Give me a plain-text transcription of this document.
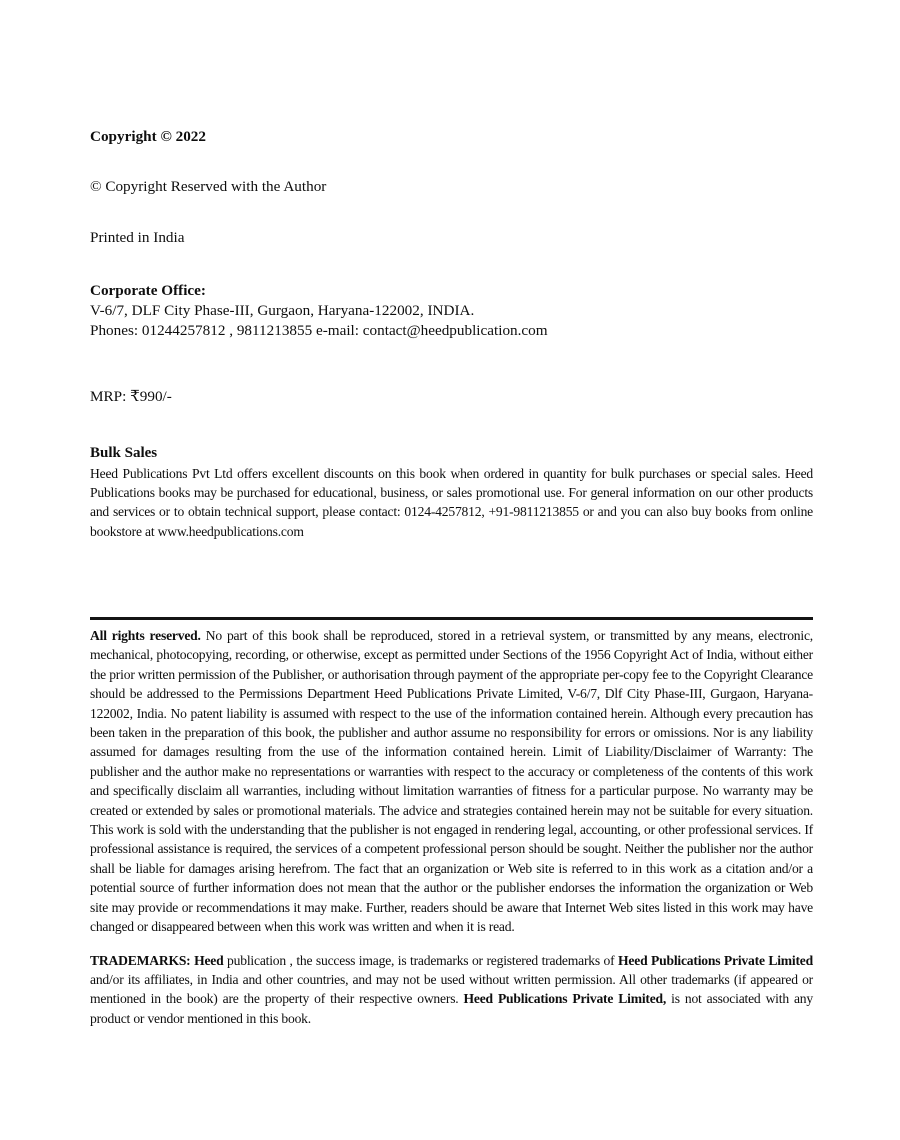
Copyright © 2022

© Copyright Reserved with the Author

Printed in India

Corporate Office:
V-6/7, DLF City Phase-III, Gurgaon, Haryana-122002, INDIA.
Phones: 01244257812 , 9811213855 e-mail: contact@heedpublication.com

MRP: ₹990/-

Bulk Sales

Heed Publications Pvt Ltd offers excellent discounts on this book when ordered in quantity for bulk purchases or special sales. Heed Publications books may be purchased for educational, business, or sales promotional use. For general information on our other products and services or to obtain technical support, please contact: 0124-4257812, +91-9811213855 or and you can also buy books from online bookstore at www.heedpublications.com

All rights reserved. No part of this book shall be reproduced, stored in a retrieval system, or transmitted by any means, electronic, mechanical, photocopying, recording, or otherwise, except as permitted under Sections of the 1956 Copyright Act of India, without either the prior written permission of the Publisher, or authorisation through payment of the appropriate per-copy fee to the Copyright Clearance should be addressed to the Permissions Department Heed Publications Private Limited, V-6/7, Dlf City Phase-III, Gurgaon, Haryana-122002, India. No patent liability is assumed with respect to the use of the information contained herein. Although every precaution has been taken in the preparation of this book, the publisher and author assume no responsibility for errors or omissions. Nor is any liability assumed for damages resulting from the use of the information contained herein. Limit of Liability/Disclaimer of Warranty: The publisher and the author make no representations or warranties with respect to the accuracy or completeness of the contents of this work and specifically disclaim all warranties, including without limitation warranties of fitness for a particular purpose. No warranty may be created or extended by sales or promotional materials. The advice and strategies contained herein may not be suitable for every situation. This work is sold with the understanding that the publisher is not engaged in rendering legal, accounting, or other professional services. If professional assistance is required, the services of a competent professional person should be sought. Neither the publisher nor the author shall be liable for damages arising herefrom. The fact that an organization or Web site is referred to in this work as a citation and/or a potential source of further information does not mean that the author or the publisher endorses the information the organization or Web site may provide or recommendations it may make. Further, readers should be aware that Internet Web sites listed in this work may have changed or disappeared between when this work was written and when it is read.

TRADEMARKS: Heed publication , the success image, is trademarks or registered trademarks of Heed Publications Private Limited and/or its affiliates, in India and other countries, and may not be used without written permission. All other trademarks (if appeared or mentioned in the book) are the property of their respective owners. Heed Publications Private Limited, is not associated with any product or vendor mentioned in this book.
